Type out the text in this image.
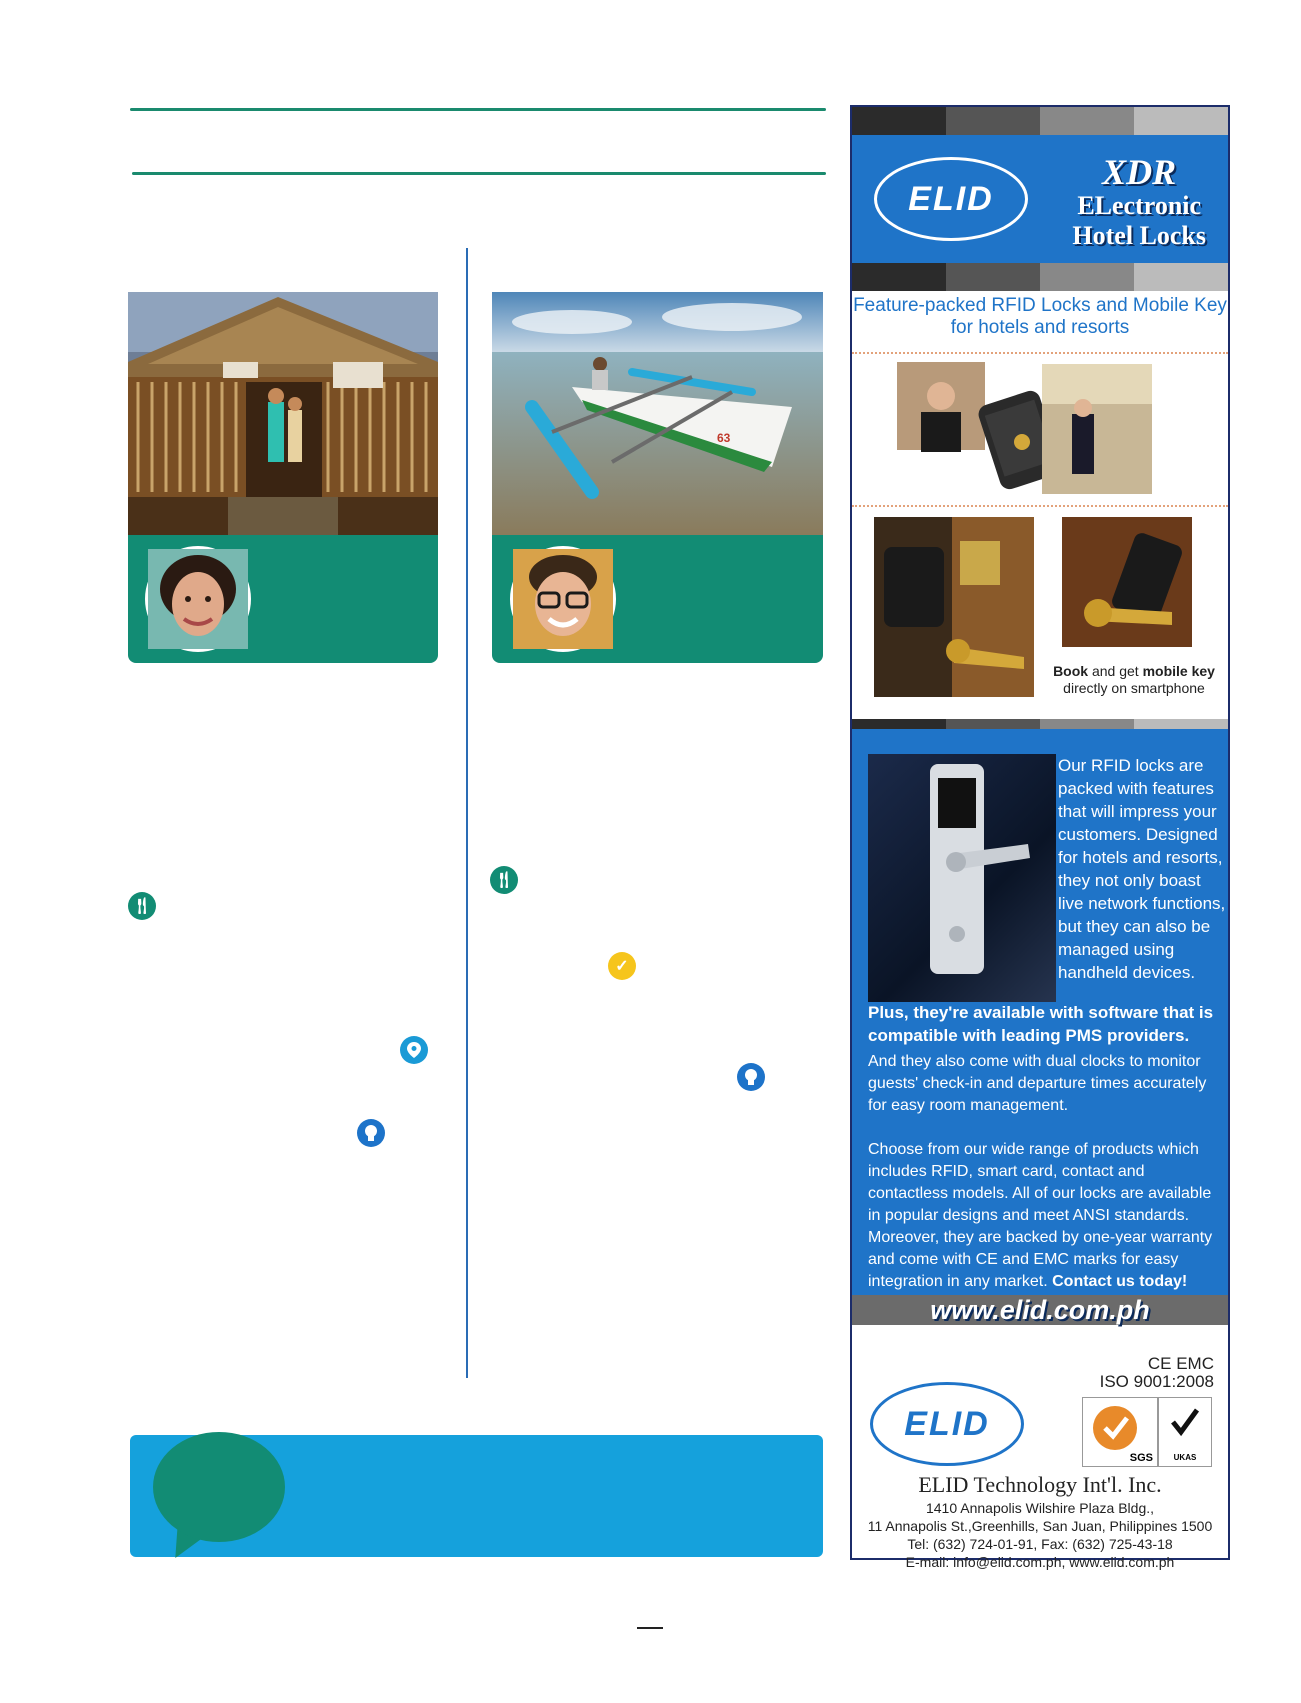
63
🍴︎
🍴︎
✓
ELID
XDR
ELectronic
Hotel Locks
Feature-packed RFID Locks and Mobile Key for hotels and resorts
Book and get mobile key
directly on smartphone
Our RFID locks are packed with features that will impress your customers. Designed for hotels and resorts, they not only boast live network functions, but they can also be managed using handheld devices.
Plus, they're available with software that is compatible with leading PMS providers.
And they also come with dual clocks to monitor guests' check-in and departure times accurately for easy room management.
Choose from our wide range of products which includes RFID, smart card, contact and contactless models. All of our locks are available in popular designs and meet ANSI standards. Moreover, they are backed by one-year warranty and come with CE and EMC marks for easy integration in any market. Contact us today!
www.elid.com.ph
CE EMC
ISO 9001:2008
ELID
SGS	UKAS
ELID Technology Int'l. Inc.
1410 Annapolis Wilshire Plaza Bldg.,
11 Annapolis St.,Greenhills, San Juan, Philippines 1500
Tel: (632) 724-01-91, Fax: (632) 725-43-18
E-mail: info@elid.com.ph, www.elid.com.ph
